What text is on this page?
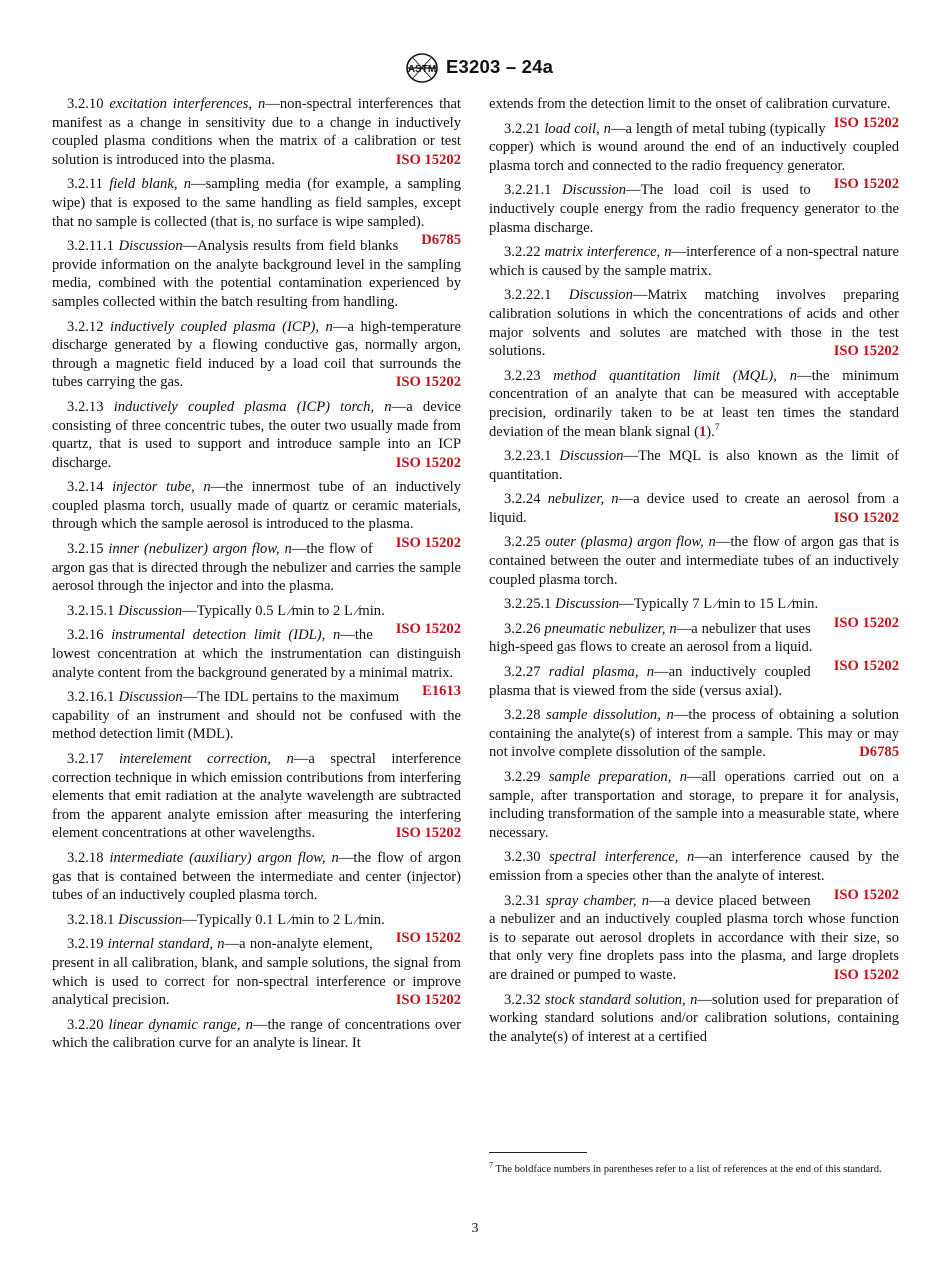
ASTM E3203 – 24a

3.2.10 excitation interferences, n—non-spectral interferences that manifest as a change in sensitivity due to a change in inductively coupled plasma conditions when the matrix of a calibration or test solution is introduced into the plasma.	ISO 15202

3.2.11 field blank, n—sampling media (for example, a sampling wipe) that is exposed to the same handling as field samples, except that no sample is collected (that is, no surface is wipe sampled).
D6785

3.2.11.1 Discussion—Analysis results from field blanks provide information on the analyte background level in the sampling media, combined with the potential contamination experienced by samples collected within the batch resulting from handling.

3.2.12 inductively coupled plasma (ICP), n—a high-temperature discharge generated by a flowing conductive gas, normally argon, through a magnetic field induced by a load coil that surrounds the tubes carrying the gas.	ISO 15202

3.2.13 inductively coupled plasma (ICP) torch, n—a device consisting of three concentric tubes, the outer two usually made from quartz, that is used to support and introduce sample into an ICP discharge.	ISO 15202

3.2.14 injector tube, n—the innermost tube of an inductively coupled plasma torch, usually made of quartz or ceramic materials, through which the sample aerosol is introduced to the plasma.
ISO 15202

3.2.15 inner (nebulizer) argon flow, n—the flow of argon gas that is directed through the nebulizer and carries the sample aerosol through the injector and into the plasma.

3.2.15.1 Discussion—Typically 0.5 L ⁄min to 2 L ⁄min.
ISO 15202

3.2.16 instrumental detection limit (IDL), n—the lowest concentration at which the instrumentation can distinguish analyte content from the background generated by a minimal matrix.
E1613

3.2.16.1 Discussion—The IDL pertains to the maximum capability of an instrument and should not be confused with the method detection limit (MDL).

3.2.17 interelement correction, n—a spectral interference correction technique in which emission contributions from interfering elements that emit radiation at the analyte wavelength are subtracted from the apparent analyte emission after measuring the interfering element concentrations at other wavelengths.	ISO 15202

3.2.18 intermediate (auxiliary) argon flow, n—the flow of argon gas that is contained between the intermediate and center (injector) tubes of an inductively coupled plasma torch.

3.2.18.1 Discussion—Typically 0.1 L ⁄min to 2 L ⁄min.
ISO 15202

3.2.19 internal standard, n—a non-analyte element, present in all calibration, blank, and sample solutions, the signal from which is used to correct for non-spectral interference or improve analytical precision.	ISO 15202

3.2.20 linear dynamic range, n—the range of concentrations over which the calibration curve for an analyte is linear. It

extends from the detection limit to the onset of calibration curvature.
ISO 15202

3.2.21 load coil, n—a length of metal tubing (typically copper) which is wound around the end of an inductively coupled plasma torch and connected to the radio frequency generator.
ISO 15202

3.2.21.1 Discussion—The load coil is used to inductively couple energy from the radio frequency generator to the plasma discharge.

3.2.22 matrix interference, n—interference of a non-spectral nature which is caused by the sample matrix.

3.2.22.1 Discussion—Matrix matching involves preparing calibration solutions in which the concentrations of acids and other major solvents and solutes are matched with those in the test solutions.	ISO 15202

3.2.23 method quantitation limit (MQL), n—the minimum concentration of an analyte that can be measured with acceptable precision, ordinarily taken to be at least ten times the standard deviation of the mean blank signal (1).$^7$

3.2.23.1 Discussion—The MQL is also known as the limit of quantitation.

3.2.24 nebulizer, n—a device used to create an aerosol from a liquid.	ISO 15202

3.2.25 outer (plasma) argon flow, n—the flow of argon gas that is contained between the outer and intermediate tubes of an inductively coupled plasma torch.

3.2.25.1 Discussion—Typically 7 L ⁄min to 15 L ⁄min.
ISO 15202

3.2.26 pneumatic nebulizer, n—a nebulizer that uses high-speed gas flows to create an aerosol from a liquid.
ISO 15202

3.2.27 radial plasma, n—an inductively coupled plasma that is viewed from the side (versus axial).

3.2.28 sample dissolution, n—the process of obtaining a solution containing the analyte(s) of interest from a sample. This may or may not involve complete dissolution of the sample.	D6785

3.2.29 sample preparation, n—all operations carried out on a sample, after transportation and storage, to prepare it for analysis, including transformation of the sample into a measurable state, where necessary.

3.2.30 spectral interference, n—an interference caused by the emission from a species other than the analyte of interest.
ISO 15202

3.2.31 spray chamber, n—a device placed between a nebulizer and an inductively coupled plasma torch whose function is to separate out aerosol droplets in accordance with their size, so that only very fine droplets pass into the plasma, and large droplets are drained or pumped to waste.	ISO 15202

3.2.32 stock standard solution, n—solution used for preparation of working standard solutions and/or calibration solutions, containing the analyte(s) of interest at a certified

$^7$ The boldface numbers in parentheses refer to a list of references at the end of this standard.
3
